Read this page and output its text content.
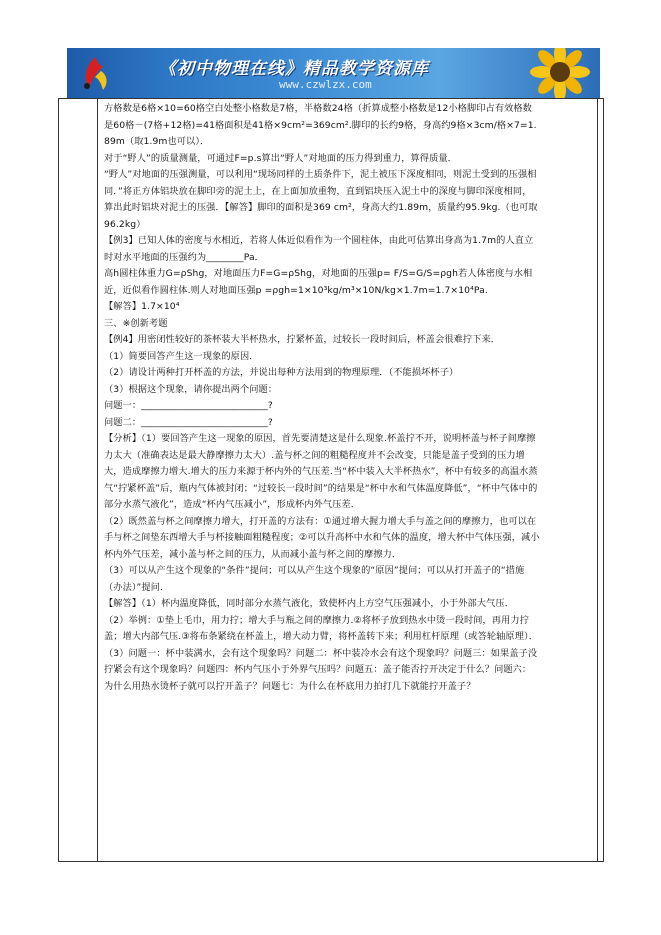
《初中物理在线》精品教学资源库
www.czwlzx.com

方格数是6格×10=60格空白处整小格数是7格，半格数24格（折算成整小格数是12小格脚印占有效格数是60格－(7格+12格)=41格面积是41格×9cm²=369cm².脚印的长约9格，身高约9格×3cm/格×7=1.89m（取1.9m也可以）．

对于“野人”的质量测量，可通过F=p.s算出“野人”对地面的压力得到重力，算得质量．

“野人”对地面的压强测量，可以利用“现场同样的土质条件下，泥土被压下深度相同，则泥土受到的压强相同．”将正方体铝块放在脚印旁的泥土上，在上面加放重物，直到铝块压入泥土中的深度与脚印深度相同，算出此时铝块对泥土的压强．【解答】脚印的面积是369 cm²，身高大约1.89m，质量约95.9kg.（也可取96.2kg）

【例3】已知人体的密度与水相近，若将人体近似看作为一个圆柱体，由此可估算出身高为1.7m的人直立时对水平地面的压强约为________Pa．

高h圆柱体重力G=ρShg，对地面压力F=G=ρShg，对地面的压强p= F/S=G/S=ρgh若人体密度与水相近，近似看作圆柱体.则人对地面压强p =ρgh=1×10³kg/m³×10N/kg×1.7m=1.7×10⁴Pa.

【解答】1.7×10⁴

三、※创新考题

【例4】用密闭性较好的茶杯装大半杯热水，拧紧杯盖，过较长一段时间后，杯盖会很难拧下来．

（1）简要回答产生这一现象的原因．

（2）请设计两种打开杯盖的方法，并说出每种方法用到的物理原理．（不能损坏杯子）

（3）根据这个现象，请你提出两个问题：

问题一：___________________________?

问题二：___________________________?

【分析】（1）要回答产生这一现象的原因，首先要清楚这是什么现象.杯盖拧不开，说明杯盖与杯子间摩擦力太大（准确表达是最大静摩擦力太大）.盖与杯之间的粗糙程度并不会改变，只能是盖子受到的压力增大，造成摩擦力增大.增大的压力来源于杯内外的气压差.当“杯中装入大半杯热水”，杯中有较多的高温水蒸气“拧紧杯盖”后，瓶内气体被封闭；“过较长一段时间”的结果是“杯中水和气体温度降低”，“杯中气体中的部分水蒸气液化”，造成“杯内气压减小”，形成杯内外气压差．

（2）既然盖与杯之间摩擦力增大，打开盖的方法有：①通过增大握力增大手与盖之间的摩擦力，也可以在手与杯之间垫东西增大手与杯接触面粗糙程度；②可以升高杯中水和气体的温度，增大杯中气体压强，减小杯内外气压差，减小盖与杯之间的压力，从而减小盖与杯之间的摩擦力．

（3）可以从产生这个现象的“条件”提问；可以从产生这个现象的“原因”提问；可以从打开盖子的“措施（办法）”提问．

【解答】（1）杯内温度降低，同时部分水蒸气液化，致使杯内上方空气压强减小，小于外部大气压．

（2）举例：①垫上毛巾，用力拧；增大手与瓶之间的摩擦力.②将杯子放到热水中烫一段时间，再用力拧盖；增大内部气压.③将布条紧绕在杯盖上，增大动力臂，将杯盖转下来；利用杠杆原理（或答轮轴原理）．

（3）问题一：杯中装满水，会有这个现象吗？问题二：杯中装冷水会有这个现象吗？问题三：如果盖子没拧紧会有这个现象吗？问题四：杯内气压小于外界气压吗？问题五：盖子能否拧开决定于什么？问题六：为什么用热水烫杯子就可以拧开盖子？问题七：为什么在杯底用力拍打几下就能拧开盖子？
